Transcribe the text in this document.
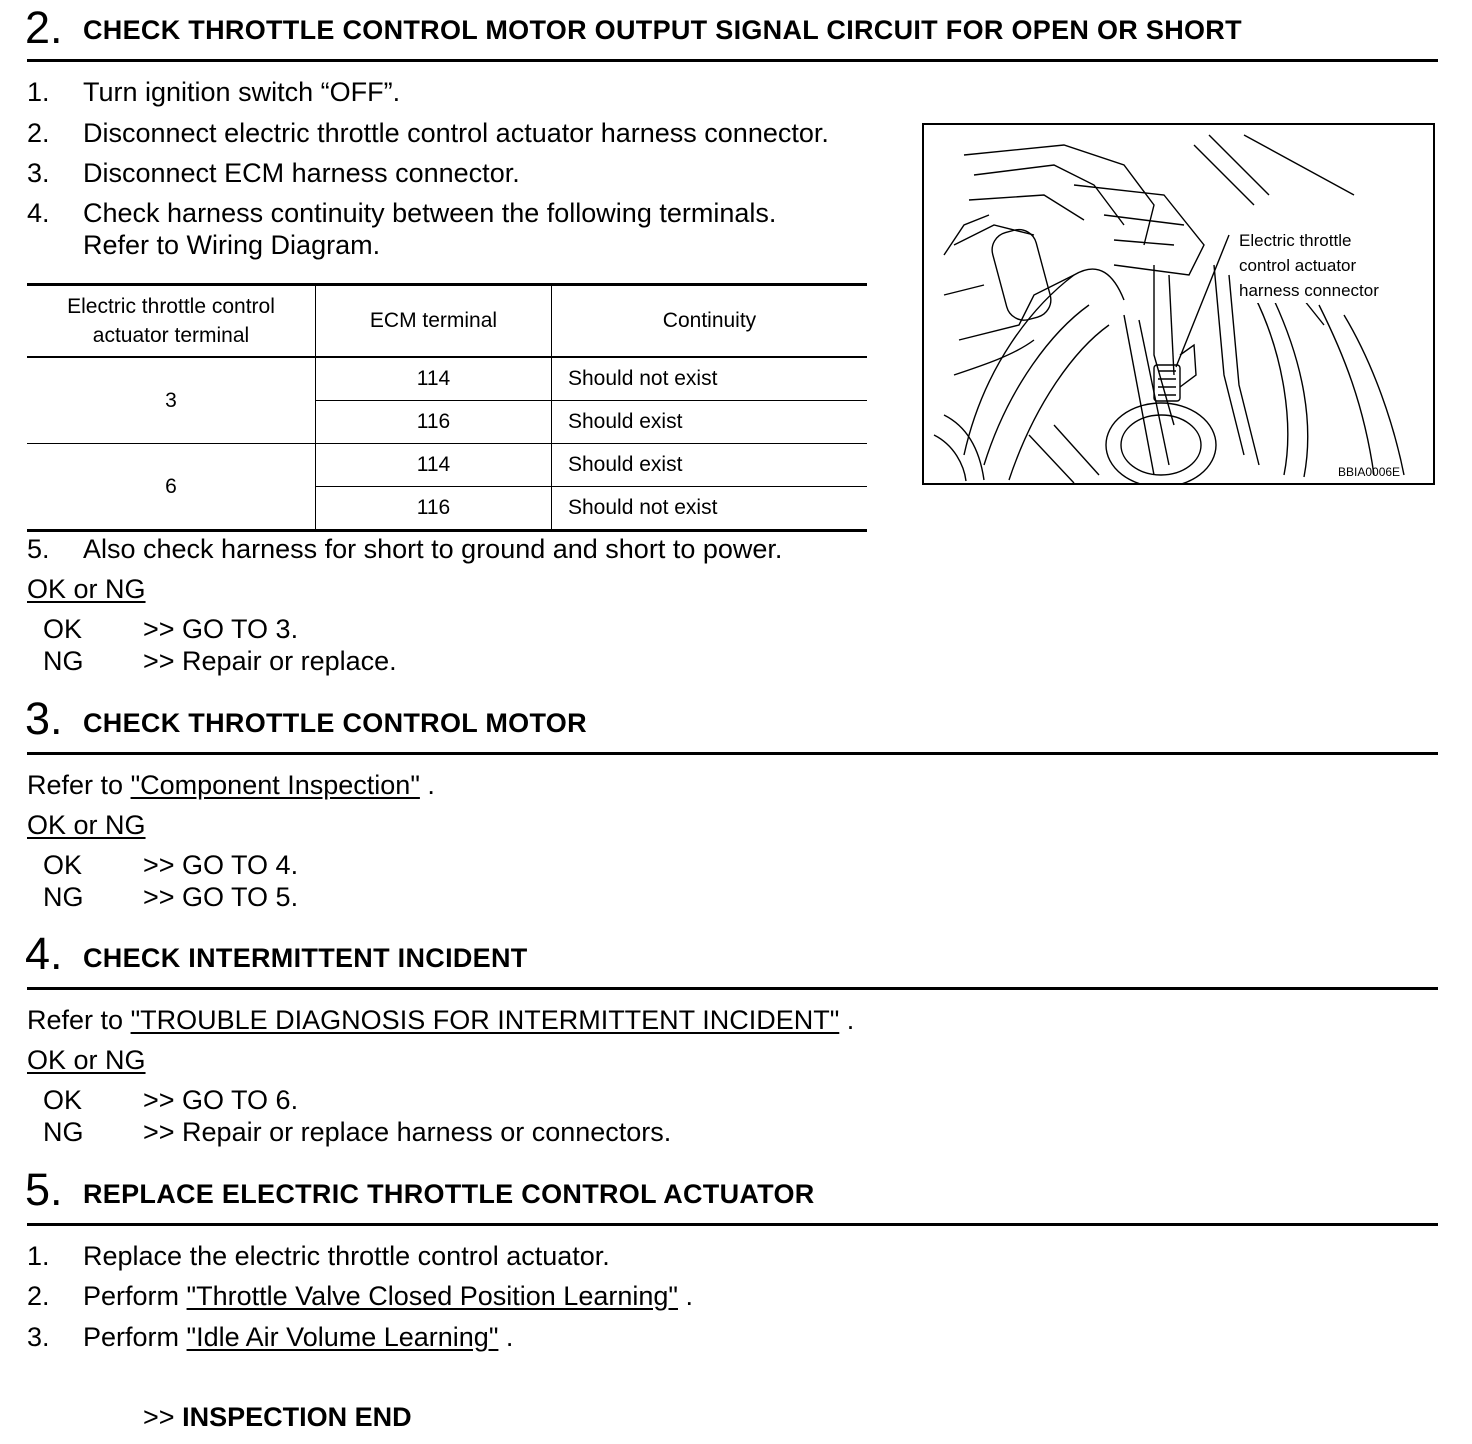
2. CHECK THROTTLE CONTROL MOTOR OUTPUT SIGNAL CIRCUIT FOR OPEN OR SHORT
1. Turn ignition switch “OFF”.
2. Disconnect electric throttle control actuator harness connector.
3. Disconnect ECM harness connector.
4. Check harness continuity between the following terminals.
Refer to Wiring Diagram.
Electric throttle control
actuator terminal	ECM terminal	Continuity
3	114	Should not exist
	116	Should exist
6	114	Should exist
	116	Should not exist
Electric throttle
control actuator
harness connector
BBIA0006E
5. Also check harness for short to ground and short to power.
OK or NG
OK >> GO TO 3.
NG >> Repair or replace.
3. CHECK THROTTLE CONTROL MOTOR
Refer to "Component Inspection" .
OK or NG
OK >> GO TO 4.
NG >> GO TO 5.
4. CHECK INTERMITTENT INCIDENT
Refer to "TROUBLE DIAGNOSIS FOR INTERMITTENT INCIDENT" .
OK or NG
OK >> GO TO 6.
NG >> Repair or replace harness or connectors.
5. REPLACE ELECTRIC THROTTLE CONTROL ACTUATOR
1. Replace the electric throttle control actuator.
2. Perform "Throttle Valve Closed Position Learning" .
3. Perform "Idle Air Volume Learning" .
>> INSPECTION END
